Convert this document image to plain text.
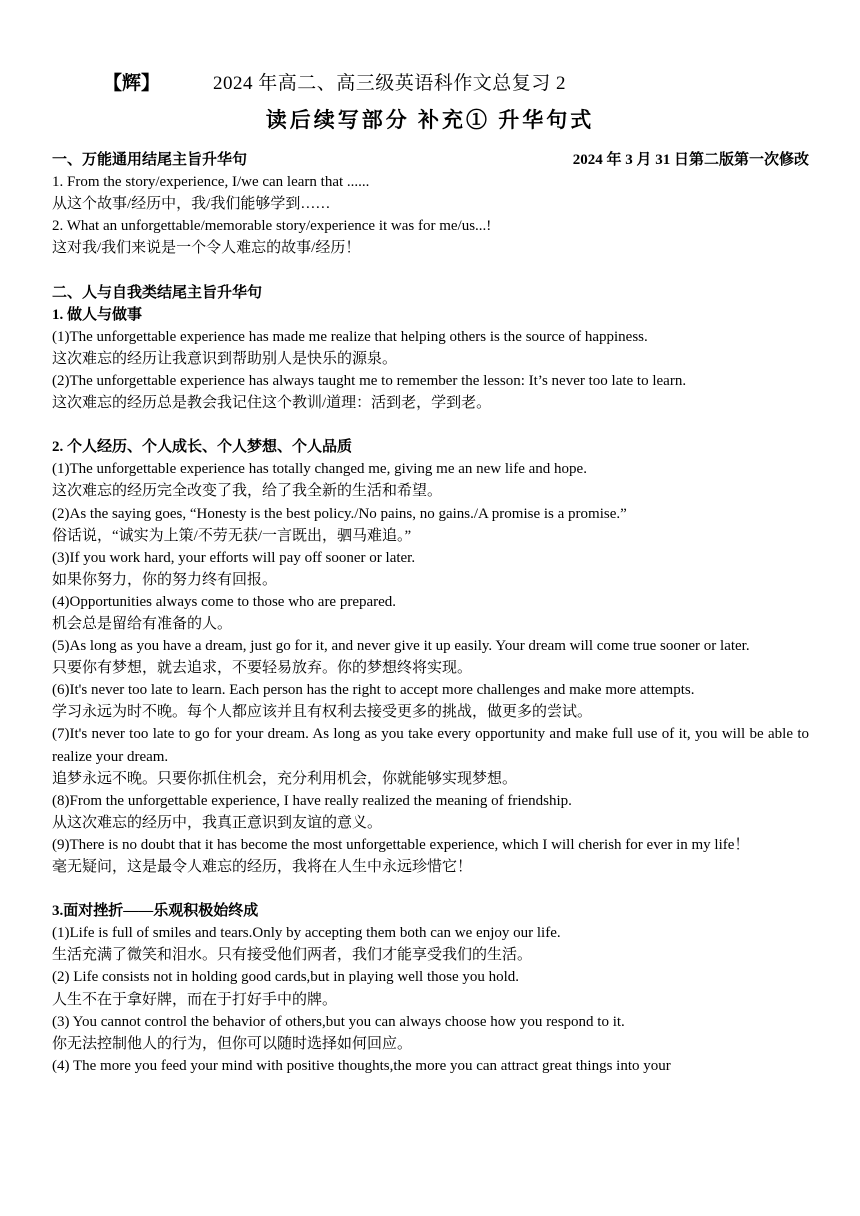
【辉】	2024 年高二、高三级英语科作文总复习 2
读后续写部分 补充① 升华句式
一、万能通用结尾主旨升华句	2024 年 3 月 31 日第二版第一次修改
1. From the story/experience, I/we can learn that ......
从这个故事/经历中，我/我们能够学到……
2. What an unforgettable/memorable story/experience it was for me/us...!
这对我/我们来说是一个令人难忘的故事/经历！
二、人与自我类结尾主旨升华句
1. 做人与做事
(1)The unforgettable experience has made me realize that helping others is the source of happiness.
这次难忘的经历让我意识到帮助别人是快乐的源泉。
(2)The unforgettable experience has always taught me to remember the lesson: It’s never too late to learn.
这次难忘的经历总是教会我记住这个教训/道理：活到老，学到老。
2. 个人经历、个人成长、个人梦想、个人品质
(1)The unforgettable experience has totally changed me, giving me an new life and hope.
这次难忘的经历完全改变了我，给了我全新的生活和希望。
(2)As the saying goes, “Honesty is the best policy./No pains, no gains./A promise is a promise.”
俗话说，“诚实为上策/不劳无获/一言既出，驷马难追。”
(3)If you work hard, your efforts will pay off sooner or later.
如果你努力，你的努力终有回报。
(4)Opportunities always come to those who are prepared.
机会总是留给有准备的人。
(5)As long as you have a dream, just go for it, and never give it up easily. Your dream will come true sooner or later.
只要你有梦想，就去追求，不要轻易放弃。你的梦想终将实现。
(6)It's never too late to learn. Each person has the right to accept more challenges and make more attempts.
学习永远为时不晚。每个人都应该并且有权利去接受更多的挑战，做更多的尝试。
(7)It's never too late to go for your dream. As long as you take every opportunity and make full use of it, you will be able to realize your dream.
追梦永远不晚。只要你抓住机会，充分利用机会，你就能够实现梦想。
(8)From the unforgettable experience, I have really realized the meaning of friendship.
从这次难忘的经历中，我真正意识到友谊的意义。
(9)There is no doubt that it has become the most unforgettable experience, which I will cherish for ever in my life！
毫无疑问，这是最令人难忘的经历，我将在人生中永远珍惜它！
3.面对挫折——乐观积极始终成
(1)Life is full of smiles and tears.Only by accepting them both can we enjoy our life.
生活充满了微笑和泪水。只有接受他们两者，我们才能享受我们的生活。
(2) Life consists not in holding good cards,but in playing well those you hold.
人生不在于拿好牌，而在于打好手中的牌。
(3) You cannot control the behavior of others,but you can always choose how you respond to it.
你无法控制他人的行为，但你可以随时选择如何回应。
(4) The more you feed your mind with positive thoughts,the more you can attract great things into your
